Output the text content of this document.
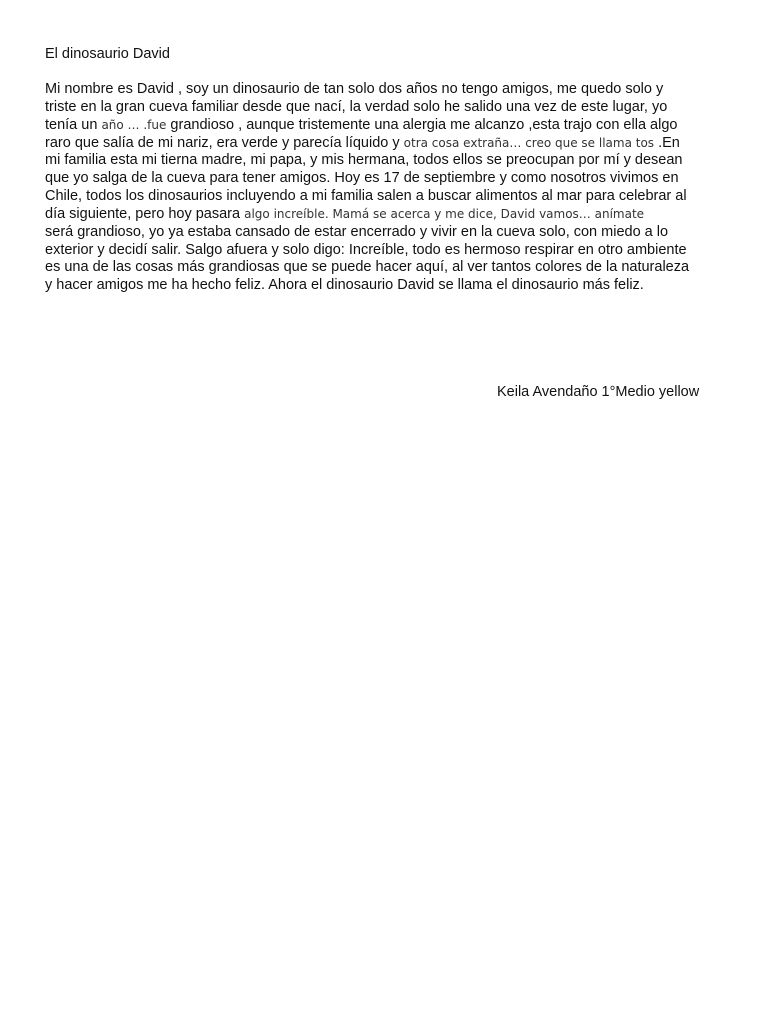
El dinosaurio David
Mi nombre es David , soy un dinosaurio de tan solo dos años no tengo amigos, me quedo solo y
triste en la gran cueva familiar desde que nací, la verdad solo he salido una vez de este lugar, yo
tenía un año … .fue grandioso , aunque tristemente una alergia me alcanzo ,esta trajo con ella algo
raro que salía de mi nariz, era verde y parecía líquido y otra cosa extraña… creo que se llama tos .En
mi familia esta mi tierna madre, mi papa, y mis hermana, todos ellos se preocupan por mí y desean
que yo salga de la cueva para tener amigos. Hoy es 17 de septiembre y como nosotros vivimos en
Chile, todos los dinosaurios incluyendo a mi familia salen a buscar alimentos al mar para celebrar al
día siguiente, pero hoy pasara algo increíble. Mamá se acerca y me dice, David vamos… anímate
será grandioso, yo ya estaba cansado de estar encerrado y vivir en la cueva solo, con miedo a lo
exterior y decidí salir. Salgo afuera y solo digo: Increíble, todo es hermoso respirar en otro ambiente
es una de las cosas más grandiosas que se puede hacer aquí, al ver tantos colores de la naturaleza
y hacer amigos me ha hecho feliz. Ahora el dinosaurio David se llama el dinosaurio más feliz.
Keila Avendaño 1°Medio yellow
